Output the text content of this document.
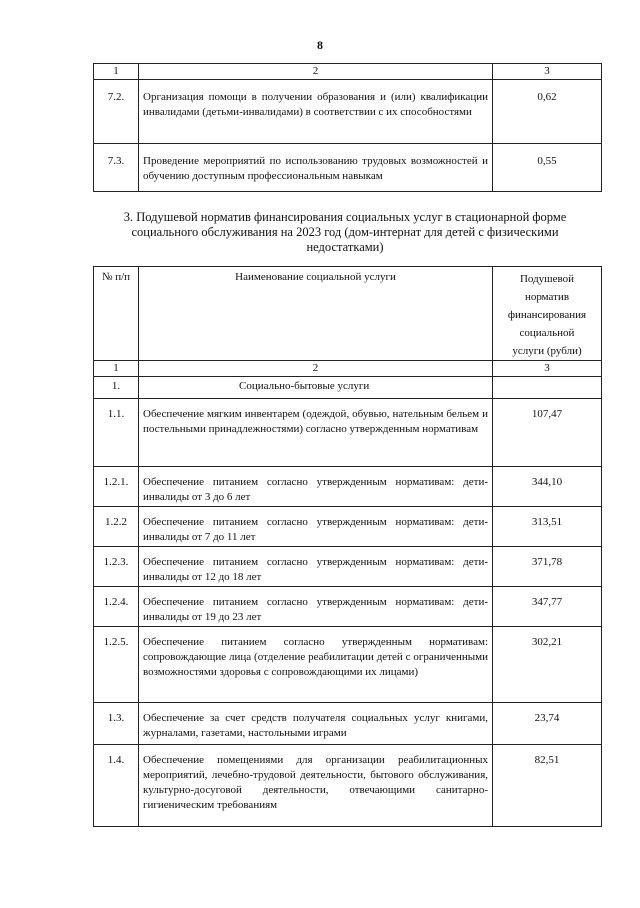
8
1	2	3
7.2.	Организация помощи в получении образования и (или) квалификации инвалидами (детьми-инвалидами) в соответствии с их способностями	0,62
7.3.	Проведение мероприятий по использованию трудовых возможностей и обучению доступным профессиональным навыкам	0,55
3. Подушевой норматив финансирования социальных услуг в стационарной форме социального обслуживания на 2023 год (дом-интернат для детей с физическими недостатками)
№ п/п	Наименование социальной услуги	Подушевой норматив финансирования социальной услуги (рубли)
1	2	3
1.	Социально-бытовые услуги	
1.1.	Обеспечение мягким инвентарем (одеждой, обувью, нательным бельем и постельными принадлежностями) согласно утвержденным нормативам	107,47
1.2.1.	Обеспечение питанием согласно утвержденным нормативам: дети-инвалиды от 3 до 6 лет	344,10
1.2.2	Обеспечение питанием согласно утвержденным нормативам: дети-инвалиды от 7 до 11 лет	313,51
1.2.3.	Обеспечение питанием согласно утвержденным нормативам: дети-инвалиды от 12 до 18 лет	371,78
1.2.4.	Обеспечение питанием согласно утвержденным нормативам: дети-инвалиды от 19 до 23 лет	347,77
1.2.5.	Обеспечение питанием согласно утвержденным нормативам: сопровождающие лица (отделение реабилитации детей с ограниченными возможностями здоровья с сопровождающими их лицами)	302,21
1.3.	Обеспечение за счет средств получателя социальных услуг книгами, журналами, газетами, настольными играми	23,74
1.4.	Обеспечение помещениями для организации реабилитационных мероприятий, лечебно-трудовой деятельности, бытового обслуживания, культурно-досуговой деятельности, отвечающими санитарно-гигиеническим требованиям	82,51
